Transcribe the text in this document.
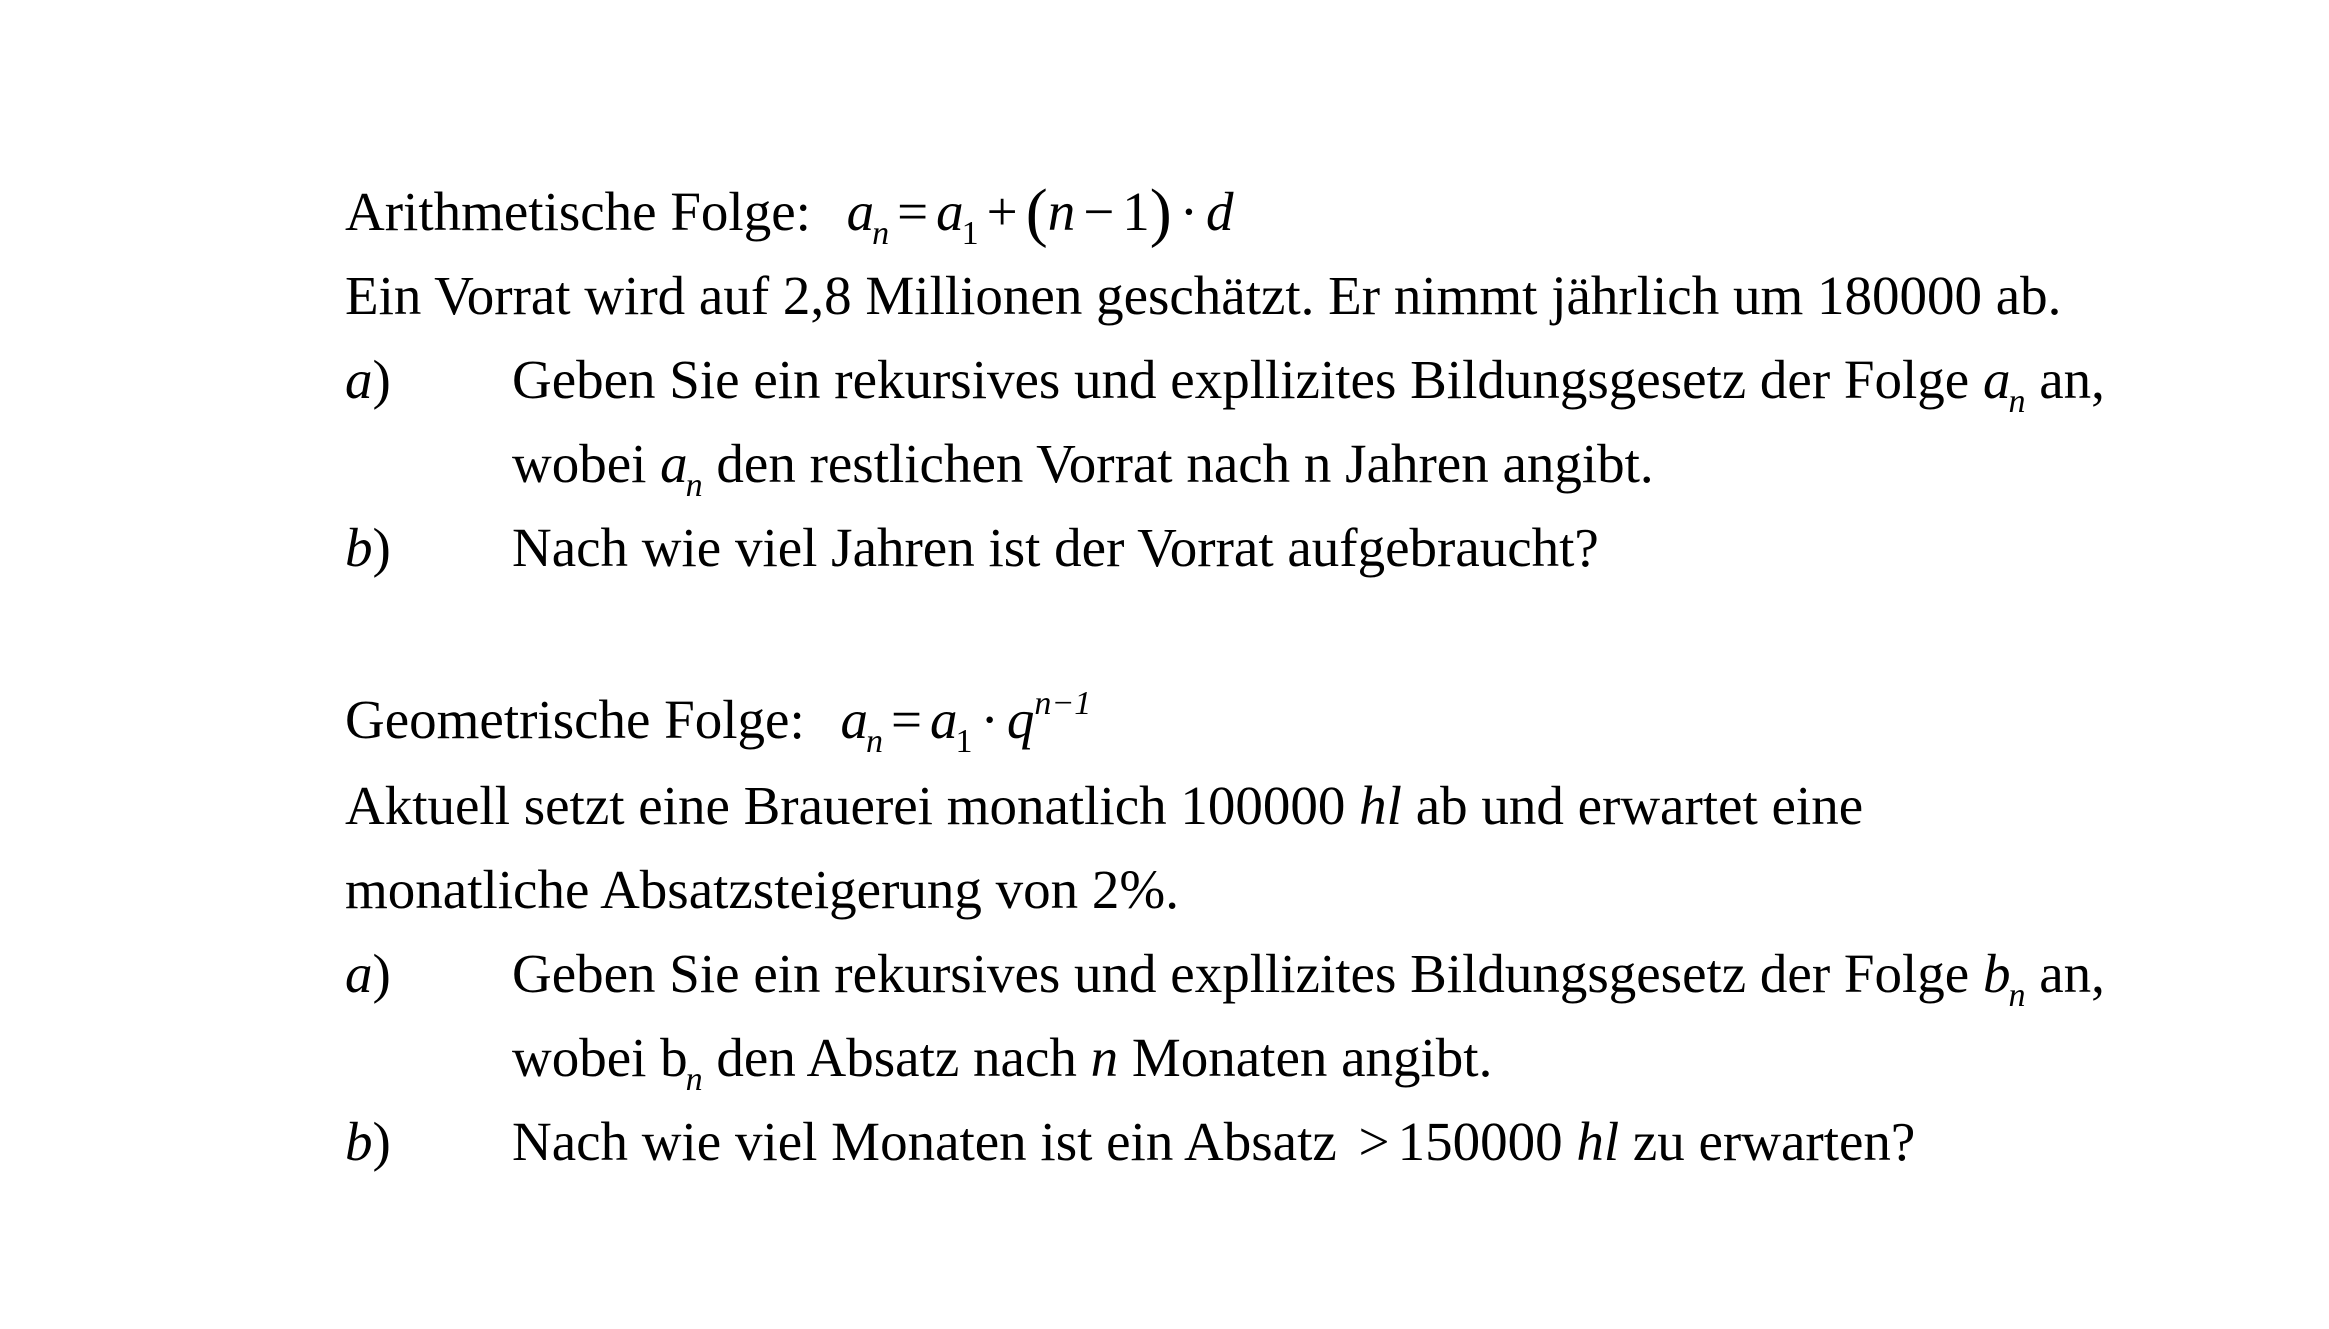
Arithmetische Folge: $a_n = a_1 + (n - 1) \cdot d$
Ein Vorrat wird auf 2,8 Millionen geschätzt. Er nimmt jährlich um 180000 ab.
a) Geben Sie ein rekursives und expllizites Bildungsgesetz der Folge $a_n$ an,
wobei $a_n$ den restlichen Vorrat nach n Jahren angibt.
b) Nach wie viel Jahren ist der Vorrat aufgebraucht?
Geometrische Folge: $a_n = a_1 \cdot q^{n-1}$
Aktuell setzt eine Brauerei monatlich 100000 hl ab und erwartet eine
monatliche Absatzsteigerung von 2%.
a) Geben Sie ein rekursives und expllizites Bildungsgesetz der Folge $b_n$ an,
wobei $b_n$ den Absatz nach n Monaten angibt.
b) Nach wie viel Monaten ist ein Absatz > 150000 hl zu erwarten?
